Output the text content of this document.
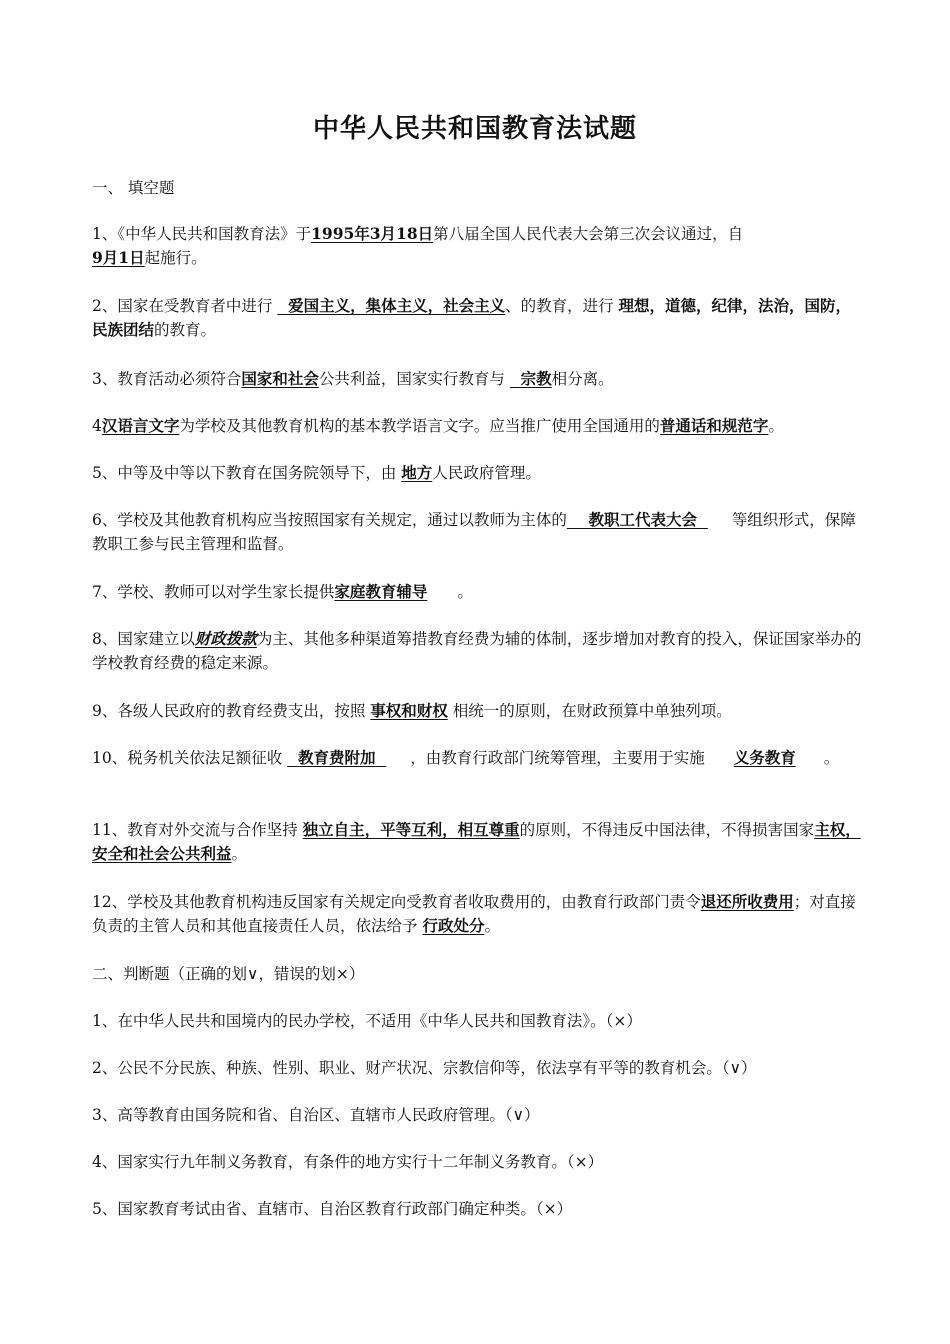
中华人民共和国教育法试题

一、 填空题

1、《中华人民共和国教育法》于1995年3月18日第八届全国人民代表大会第三次会议通过，自
9月1日起施行。

2、国家在受教育者中进行   爱国主义，集体主义，社会主义、的教育，进行 理想，道德，纪律，法治，国防，民族团结的教育。

3、教育活动必须符合国家和社会公共利益，国家实行教育与   宗教相分离。

4汉语言文字为学校及其他教育机构的基本教学语言文字。应当推广使用全国通用的普通话和规范字。

5、中等及中等以下教育在国务院领导下，由 地方人民政府管理。

6、学校及其他教育机构应当按照国家有关规定，通过以教师为主体的 教职工代表大会 等组织形式，保障教职工参与民主管理和监督。

7、学校、教师可以对学生家长提供家庭教育辅导 。

8、国家建立以财政拨款为主、其他多种渠道筹措教育经费为辅的体制，逐步增加对教育的投入，保证国家举办的学校教育经费的稳定来源。

9、各级人民政府的教育经费支出，按照 事权和财权 相统一的原则，在财政预算中单独列项。

10、税务机关依法足额征收   教育费附加 ，由教育行政部门统筹管理，主要用于实施 义务教育 。

11、教育对外交流与合作坚持 独立自主，平等互利，相互尊重的原则，不得违反中国法律，不得损害国家主权，安全和社会公共利益。

12、学校及其他教育机构违反国家有关规定向受教育者收取费用的，由教育行政部门责令退还所收费用；对直接负责的主管人员和其他直接责任人员，依法给予 行政处分。

二、判断题（正确的划∨，错误的划×）

1、在中华人民共和国境内的民办学校，不适用《中华人民共和国教育法》。（×）

2、公民不分民族、种族、性别、职业、财产状况、宗教信仰等，依法享有平等的教育机会。（∨）

3、高等教育由国务院和省、自治区、直辖市人民政府管理。（∨）

4、国家实行九年制义务教育，有条件的地方实行十二年制义务教育。（×）

5、国家教育考试由省、直辖市、自治区教育行政部门确定种类。（×）
